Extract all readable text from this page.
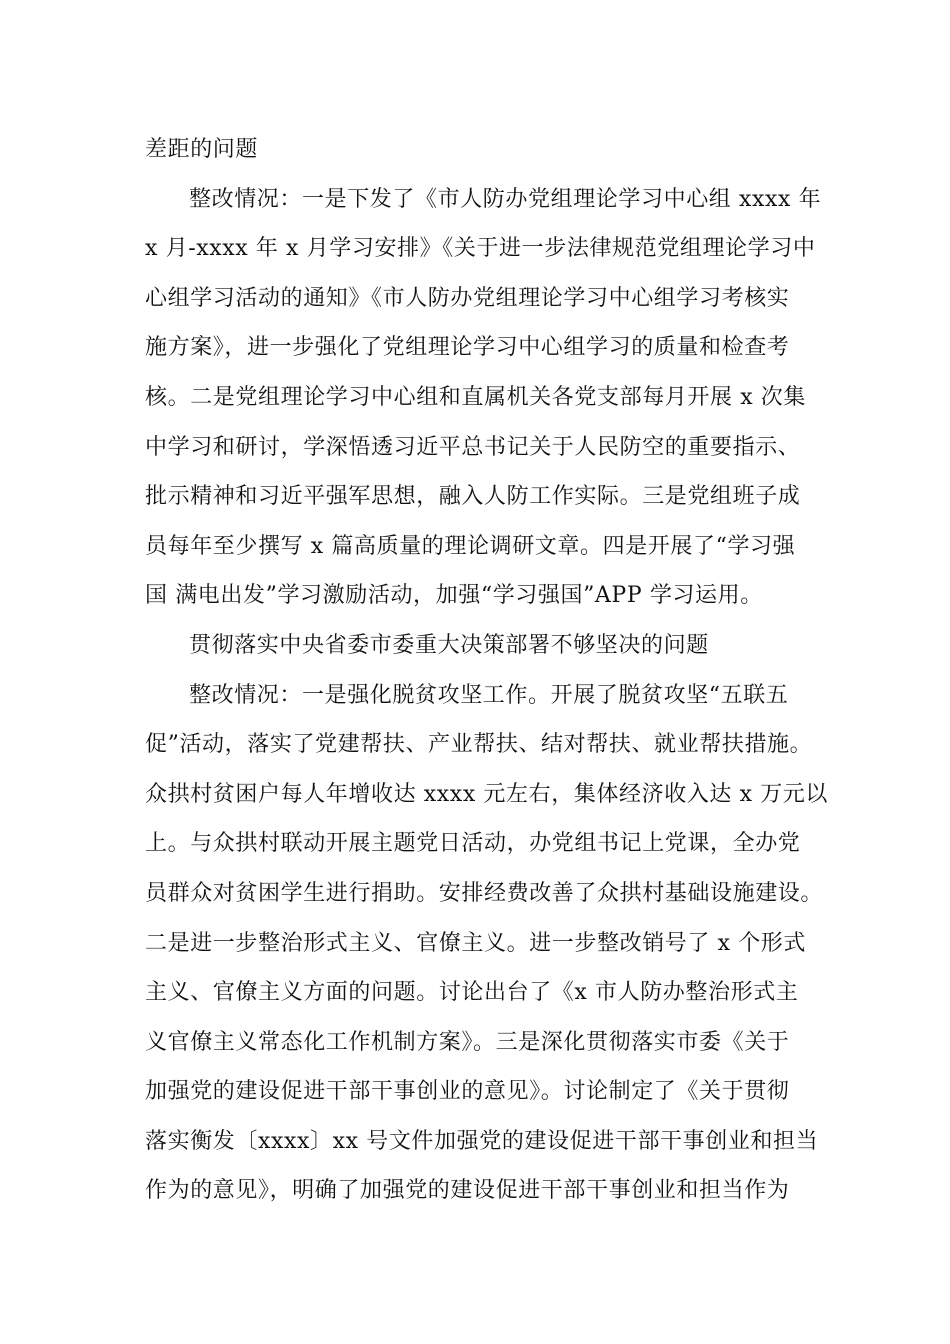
差距的问题
整改情况：一是下发了《市人防办党组理论学习中心组 xxxx 年
x 月-xxxx 年 x 月学习安排》《关于进一步法律规范党组理论学习中
心组学习活动的通知》《市人防办党组理论学习中心组学习考核实
施方案》，进一步强化了党组理论学习中心组学习的质量和检查考
核。二是党组理论学习中心组和直属机关各党支部每月开展 x 次集
中学习和研讨，学深悟透习近平总书记关于人民防空的重要指示、
批示精神和习近平强军思想，融入人防工作实际。三是党组班子成
员每年至少撰写 x 篇高质量的理论调研文章。四是开展了“学习强
国 满电出发”学习激励活动，加强“学习强国”APP 学习运用。
贯彻落实中央省委市委重大决策部署不够坚决的问题
整改情况：一是强化脱贫攻坚工作。开展了脱贫攻坚“五联五
促”活动，落实了党建帮扶、产业帮扶、结对帮扶、就业帮扶措施。
众拱村贫困户每人年增收达 xxxx 元左右，集体经济收入达 x 万元以
上。与众拱村联动开展主题党日活动，办党组书记上党课，全办党
员群众对贫困学生进行捐助。安排经费改善了众拱村基础设施建设。
二是进一步整治形式主义、官僚主义。进一步整改销号了 x 个形式
主义、官僚主义方面的问题。讨论出台了《x 市人防办整治形式主
义官僚主义常态化工作机制方案》。三是深化贯彻落实市委《关于
加强党的建设促进干部干事创业的意见》。讨论制定了《关于贯彻
落实衡发〔xxxx〕xx 号文件加强党的建设促进干部干事创业和担当
作为的意见》，明确了加强党的建设促进干部干事创业和担当作为
